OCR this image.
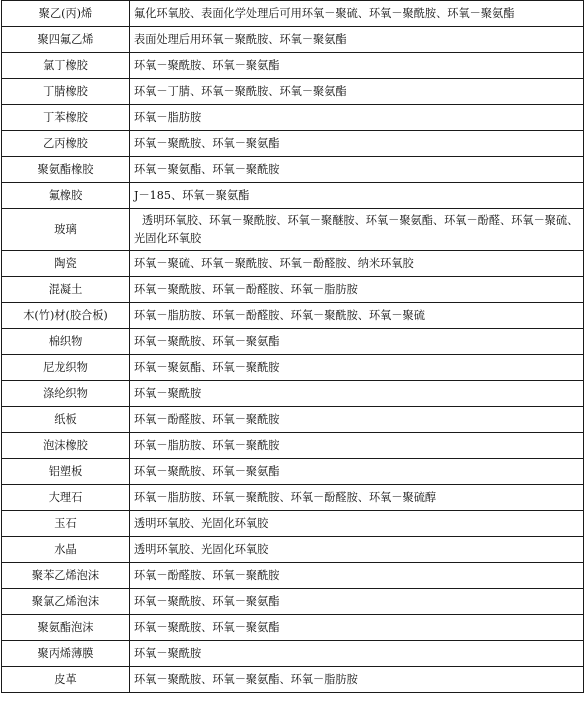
聚乙(丙)烯	氟化环氧胶、表面化学处理后可用环氧－聚硫、环氧－聚酰胺、环氧－聚氨酯
聚四氟乙烯	表面处理后用环氧－聚酰胺、环氧－聚氨酯
氯丁橡胶	环氧－聚酰胺、环氧－聚氨酯
丁腈橡胶	环氧－丁腈、环氧－聚酰胺、环氧－聚氨酯
丁苯橡胶	环氧－脂肪胺
乙丙橡胶	环氧－聚酰胺、环氧－聚氨酯
聚氨酯橡胶	环氧－聚氨酯、环氧－聚酰胺
氟橡胶	J－185、环氧－聚氨酯
玻璃	透明环氧胶、环氧－聚酰胺、环氧－聚醚胺、环氧－聚氨酯、环氧－酚醛、环氧－聚硫、光固化环氧胶
陶瓷	环氧－聚硫、环氧－聚酰胺、环氧－酚醛胺、纳米环氧胶
混凝土	环氧－聚酰胺、环氧－酚醛胺、环氧－脂肪胺
木(竹)材(胶合板)	环氧－脂肪胺、环氧－酚醛胺、环氧－聚酰胺、环氧－聚硫
棉织物	环氧－聚酰胺、环氧－聚氨酯
尼龙织物	环氧－聚氨酯、环氧－聚酰胺
涤纶织物	环氧－聚酰胺
纸板	环氧－酚醛胺、环氧－聚酰胺
泡沫橡胶	环氧－脂肪胺、环氧－聚酰胺
铝塑板	环氧－聚酰胺、环氧－聚氨酯
大理石	环氧－脂肪胺、环氧－聚酰胺、环氧－酚醛胺、环氧－聚硫醇
玉石	透明环氧胶、光固化环氧胶
水晶	透明环氧胶、光固化环氧胶
聚苯乙烯泡沫	环氧－酚醛胺、环氧－聚酰胺
聚氯乙烯泡沫	环氧－聚酰胺、环氧－聚氨酯
聚氨酯泡沫	环氧－聚酰胺、环氧－聚氨酯
聚丙烯薄膜	环氧－聚酰胺
皮革	环氧－聚酰胺、环氧－聚氨酯、环氧－脂肪胺
